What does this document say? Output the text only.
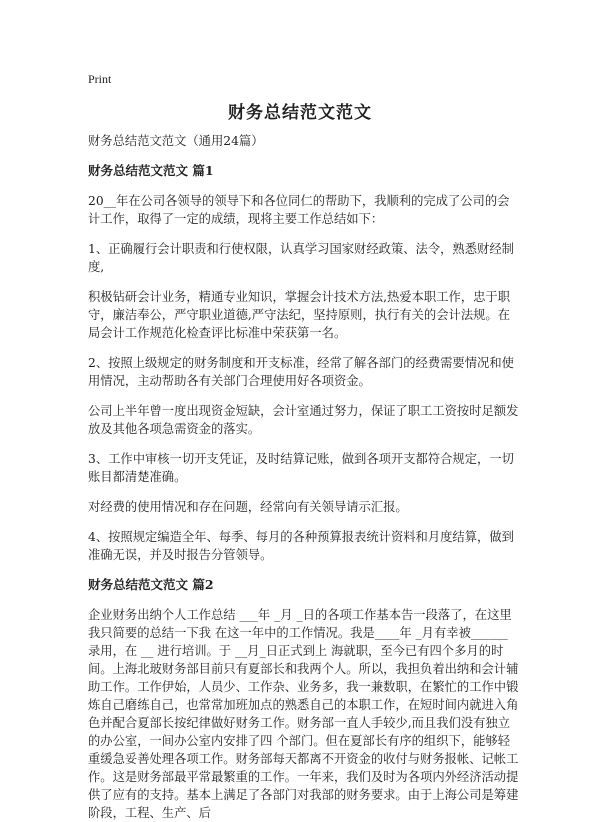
Print
财务总结范文范文

财务总结范文范文（通用24篇）

财务总结范文范文 篇1

20__年在公司各领导的领导下和各位同仁的帮助下，我顺利的完成了公司的会计工作，取得了一定的成绩，现将主要工作总结如下：

1、正确履行会计职责和行使权限，认真学习国家财经政策、法令，熟悉财经制度,

积极钻研会计业务，精通专业知识，掌握会计技术方法,热爱本职工作，忠于职守，廉洁奉公，严守职业道德,严守法纪，坚持原则，执行有关的会计法规。在局会计工作规范化检查评比标准中荣获第一名。

2、按照上级规定的财务制度和开支标准，经常了解各部门的经费需要情况和使用情况，主动帮助各有关部门合理使用好各项资金。

公司上半年曾一度出现资金短缺，会计室通过努力，保证了职工工资按时足额发放及其他各项急需资金的落实。

3、工作中审核一切开支凭证，及时结算记账，做到各项开支都符合规定，一切账目都清楚准确。

对经费的使用情况和存在问题，经常向有关领导请示汇报。

4、按照规定编造全年、每季、每月的各种预算报表统计资料和月度结算，做到准确无误，并及时报告分管领导。

财务总结范文范文 篇2

企业财务出纳个人工作总结 ___年 _月 _日的各项工作基本告一段落了，在这里我只简要的总结一下我 在这一年中的工作情况。我是____年 _月有幸被______ 录用，在 __ 进行培训。于 __月_日正式到上 海就职，至今已有四个多月的时间。上海北玻财务部目前只有夏部长和我两个人。所以，我担负着出纳和会计辅 助工作。工作伊始，人员少、工作杂、业务多，我一兼数职，在繁忙的工作中锻炼自己磨练自己，也常常加班加点的熟悉自己的本职工作，在短时间内就进入角 色并配合夏部长按纪律做好财务工作。财务部一直人手较少,而且我们没有独立的办公室，一间办公室内安排了四 个部门。但在夏部长有序的组织下，能够轻重缓急妥善处理各项工作。财务部每天都离不开资金的收付与财务报帐、记帐工作。这是财务部最平常最繁重的工作。一年来，我们及时为各项内外经济活动提供了应有的支持。基本上满足了各部门对我部的财务要求。由于上海公司是筹建阶段，工程、生产、后
